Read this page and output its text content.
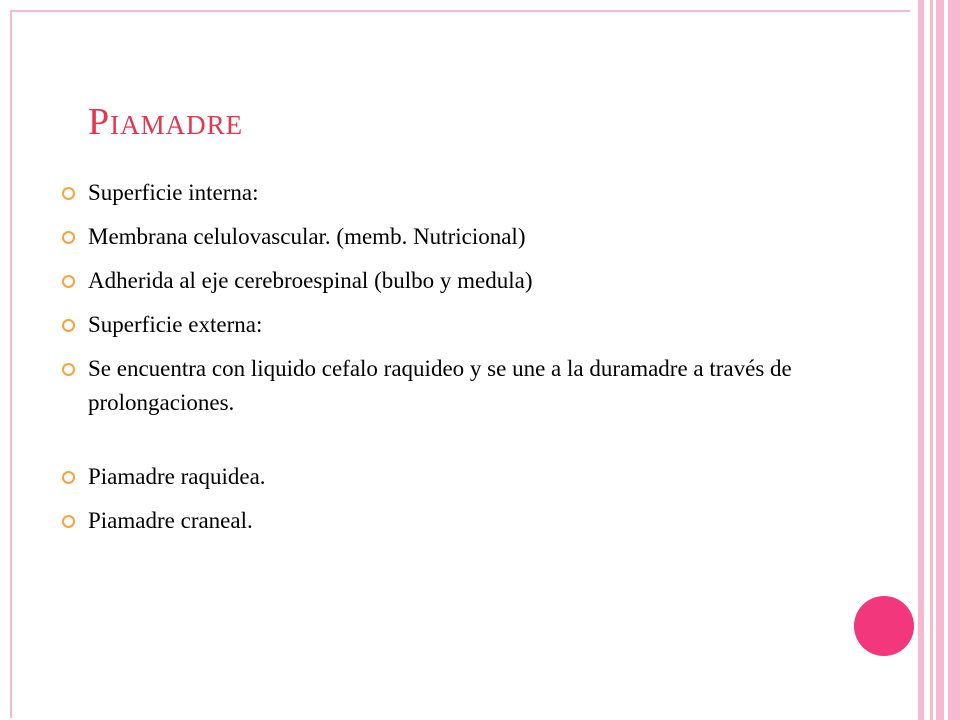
Piamadre
Superficie interna:
Membrana celulovascular. (memb. Nutricional)
Adherida al eje cerebroespinal (bulbo y medula)
Superficie externa:
Se encuentra con liquido cefalo raquideo y se une a la duramadre a través de prolongaciones.
Piamadre raquidea.
Piamadre craneal.
